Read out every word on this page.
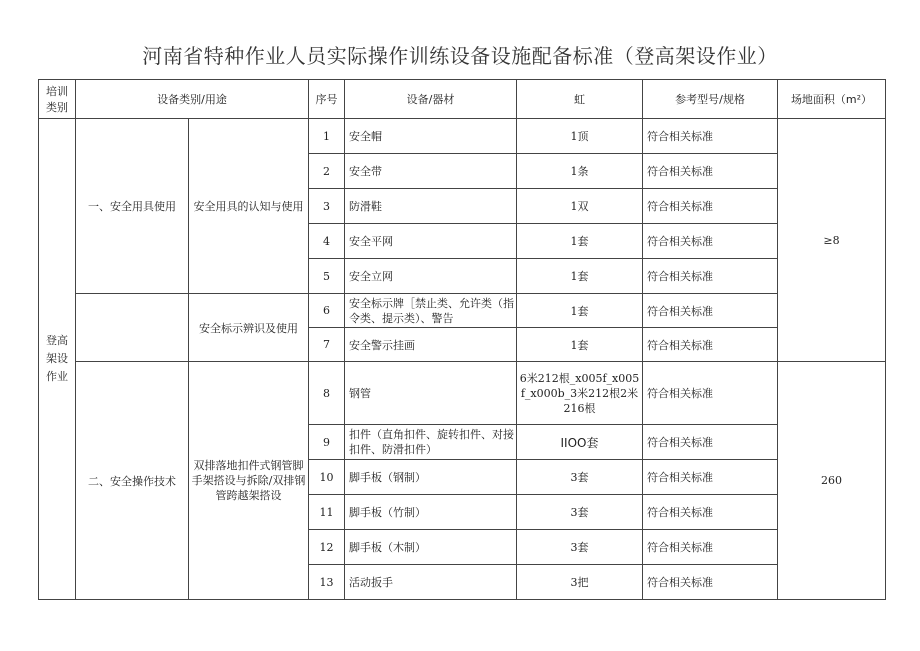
河南省特种作业人员实际操作训练设备设施配备标准（登高架设作业）
培训类别	设备类别/用途		序号	设备/器材	虹	参考型号/规格	场地面积（m²）
登高架设作业	一、安全用具使用	安全用具的认知与使用	1	安全帽	1顶	符合相关标准	≥8
			2	安全带	1条	符合相关标准	
			3	防滑鞋	1双	符合相关标准	
			4	安全平网	1套	符合相关标准	
			5	安全立网	1套	符合相关标准	
		安全标示辨识及使用	6	安全标示牌［禁止类、允许类（指令类、提示类）、警告	1套	符合相关标准	
			7	安全警示挂画	1套	符合相关标准	
	二、安全操作技术	双排落地扣件式钢管脚手架搭设与拆除/双排钢管跨越架搭设	8	钢管	6米212根_x005f_x005f_x000b_3米212根2米216根	符合相关标准	260
			9	扣件（直角扣件、旋转扣件、对接扣件、防滑扣件）	IIOO套	符合相关标准	
			10	脚手板（钢制）	3套	符合相关标准	
			11	脚手板（竹制）	3套	符合相关标准	
			12	脚手板（木制）	3套	符合相关标准	
			13	活动扳手	3把	符合相关标准	
